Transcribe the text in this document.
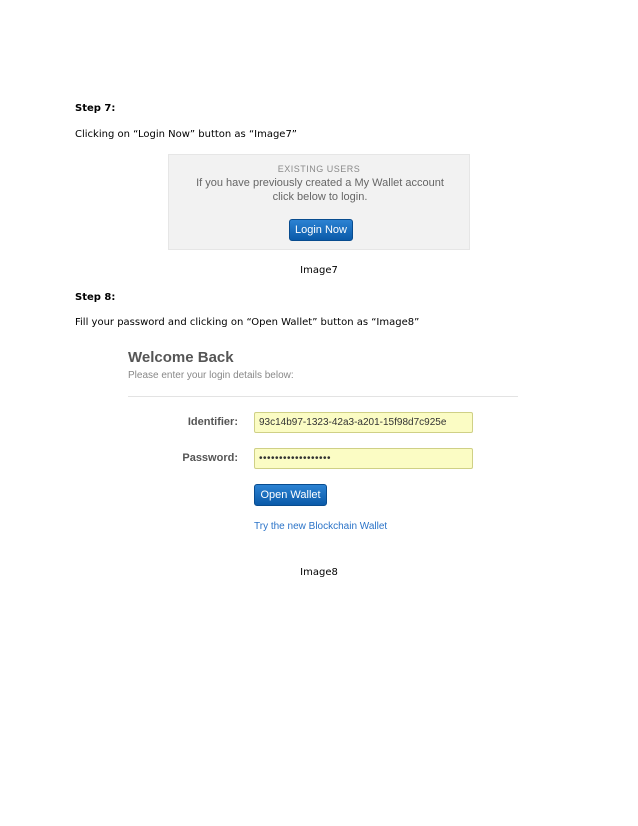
Step 7:
Clicking on “Login Now” button as “Image7”
EXISTING USERS
If you have previously created a My Wallet account click below to login.
Login Now
Image7
Step 8:
Fill your password and clicking on “Open Wallet” button as “Image8”
Welcome Back
Please enter your login details below:
Identifier:
93c14b97-1323-42a3-a201-15f98d7c925e
Password:	••••••••••••••••••
Open Wallet
Try the new Blockchain Wallet
Image8
